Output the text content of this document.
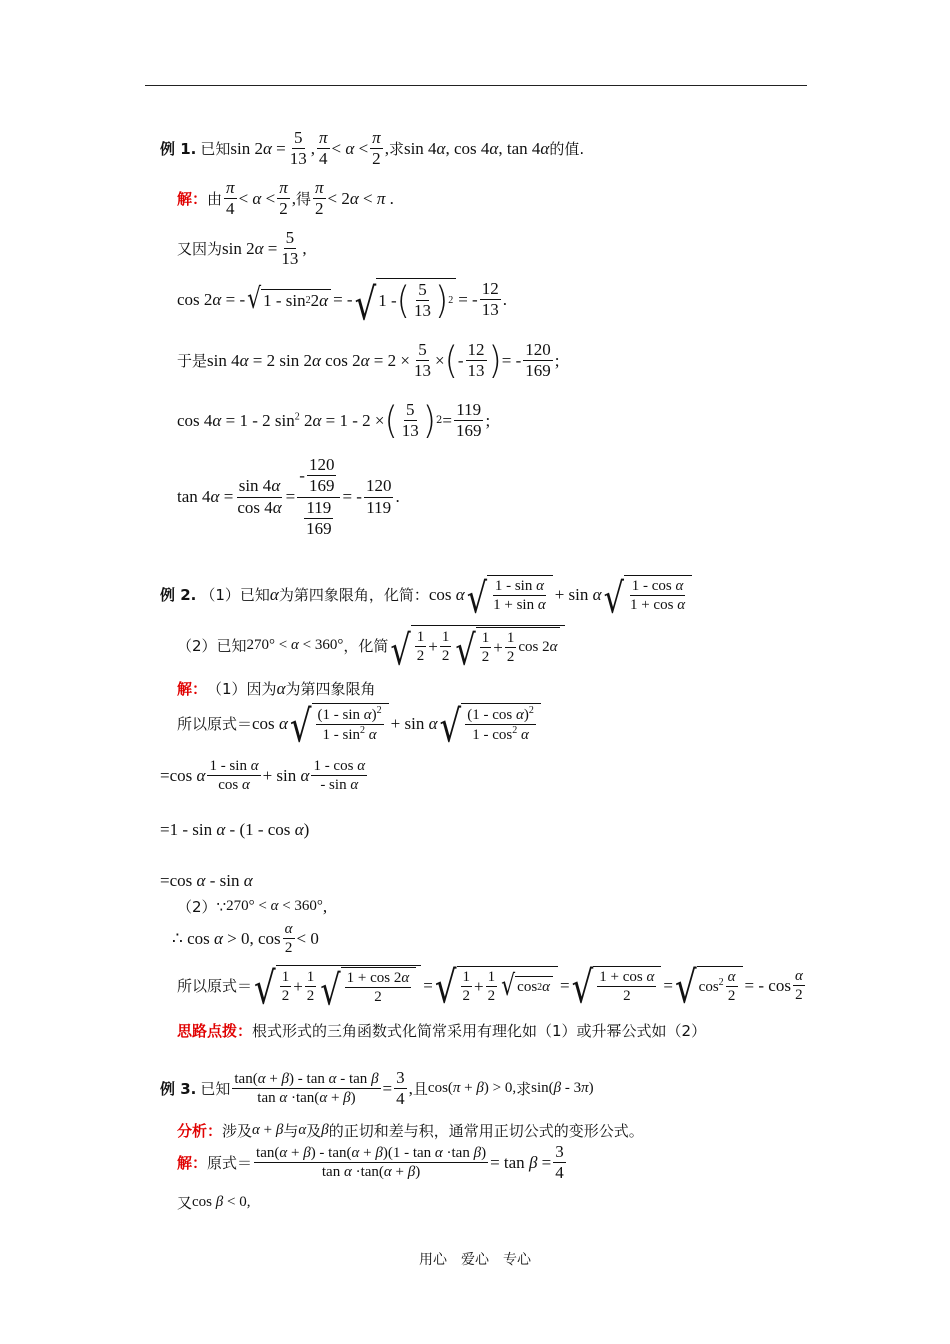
例 1. 已知 $\sin 2\alpha = \frac{5}{13}$ , $\frac{\pi}{4} < \alpha < \frac{\pi}{2}$ , 求 sin 4α, cos 4α, tan 4α 的值.
解： 由 $\frac{\pi}{4} < \alpha < \frac{\pi}{2}$ , 得 $\frac{\pi}{2} < 2\alpha < \pi$ .
又因为 $\sin 2\alpha = \frac{5}{13}$ ,
cos 2α = - √ 1 - sin 2 2 α = - √ 1 - ( $\frac{5}{13}$ ) 2 = - $\frac{12}{13}$ .
于是 sin 4α = 2 sin 2α $\cos 2\alpha = 2 \times \frac{5}{13}$ × ( - $\frac{12}{13}$ ) = - $\frac{120}{169}$ ;
cos 4α = 1 - 2 $\sin^2 2\alpha = 1 - 2$ × ( $\frac{5}{13}$ ) $2 = \frac{119}{169}$ ;
$\tan 4\alpha = \frac{\sin 4\alpha}{\cos 4\alpha} = \frac{- \frac{120}{169}}{\frac{119}{169}}$ = - $\frac{120}{119}$ .
例 2. （1）已知 α 为第四象限角，化简： cos α √ $\frac{\text{1 - sin α}}{\text{1 + sin α}} + \sin \alpha$ √ $\frac{\text{1 - cos α}}{\text{1 + cos α}}$
（2）已知 270° < α < 360° ，化简 √ $\frac{1}{2} + \frac{1}{2}$ √ $\frac{1}{2} + \frac{1}{2}$ cos 2α
解： （1）因为 α 为第四象限角
所以原式＝ cos α √ $\frac{(1 - \sin \alpha)^2}{1 - \sin^2 \alpha} + \sin \alpha$ √ $\frac{(1 - \cos \alpha)^2}{1 - \cos^2 \alpha}$
=cos α $\frac{\text{1 - sin α}}{\text{cos α}} + \sin \alpha \frac{\text{1 - cos α}}{\text{- sin α}}$
=1 - sin α - (1 - cos α)
=cos α - sin α
（2）∵ 270° < α < 360° ,
∴ cos α > 0, $\cos \frac{\alpha}{2} < 0$
所以原式＝ √ $\frac{1}{2} + \frac{1}{2}$ √ $\frac{1 + \cos 2\alpha}{2}$ = √ $\frac{1}{2} + \frac{1}{2}$ √ cos 2 α = √ $\frac{\text{1 + cos α}}{2}$ = √ $\cos^2 \frac{\alpha}{2}$ = - $\cos \frac{\alpha}{2}$
思路点拨： 根式形式的三角函数式化简常采用有理化如（1）或升幂公式如（2）
例 3. 已知 $\frac{\text{tan(α + β) - tan α - tan β}}{\text{tan α ·tan(α + β)}} = \frac{3}{4}$ , 且 cos(π + β) > 0, 求 sin(β - 3π)
分析： 涉及 α + β 与 α 及 β 的正切和差与积，通常用正切公式的变形公式。
解： 原式＝ $\frac{\text{tan(α + β) - tan(α + β)(1 - tan α ·tan β)}}{\text{tan α ·tan(α + β)}} = \tan \beta = \frac{3}{4}$
又 cos β < 0,
用心　爱心　专心
